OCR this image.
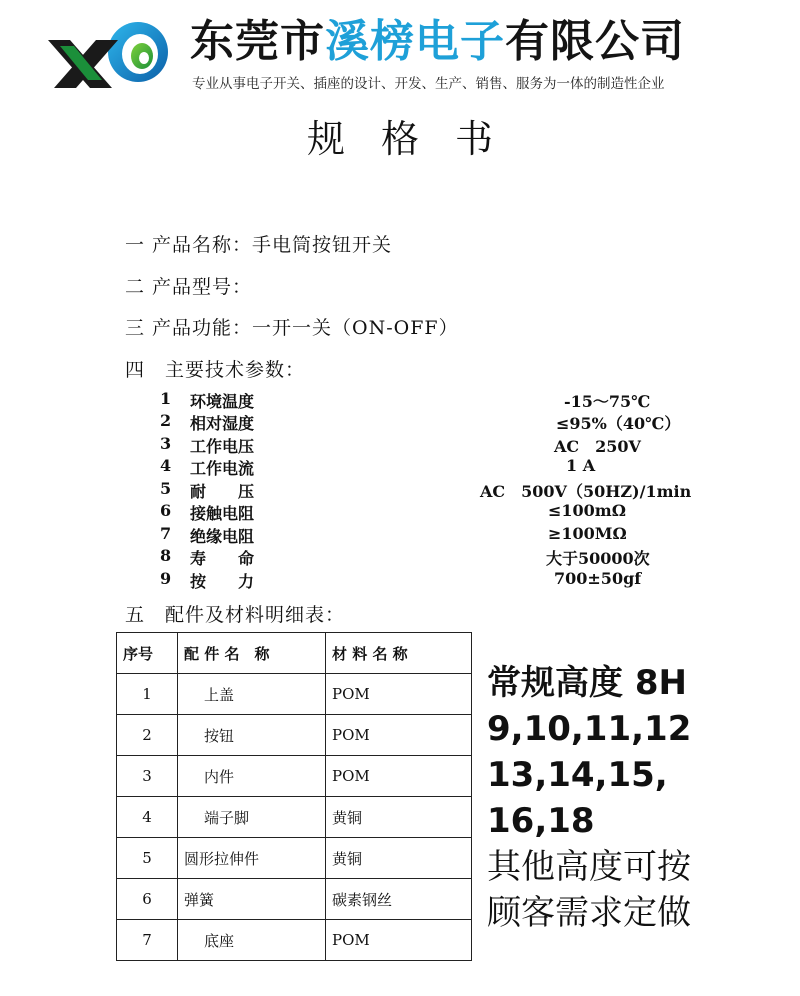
东莞市溪榜电子有限公司
专业从事电子开关、插座的设计、开发、生产、销售、服务为一体的制造性企业
规格书
一 产品名称：手电筒按钮开关
二 产品型号：
三 产品功能：一开一关（ON-OFF）
四　主要技术参数：
1 环境温度	-15～75℃
2 相对湿度	≤95%（40℃）
3 工作电压	AC　250V
4 工作电流	1 A
5 耐　　压	AC　500V（50HZ)/1min
6 接触电阻	≤100mΩ
7 绝缘电阻	≥100MΩ
8 寿　　命	大于50000次
9 按　　力	700±50gf
五　配件及材料明细表：
序号	配 件 名　称	材 料 名 称
1	上盖	POM
2	按钮	POM
3	内件	POM
4	端子脚	黄铜
5	圆形拉伸件	黄铜
6	弹簧	碳素钢丝
7	底座	POM
常规高度 8H
9,10,11,12
13,14,15,
16,18
其他高度可按
顾客需求定做
